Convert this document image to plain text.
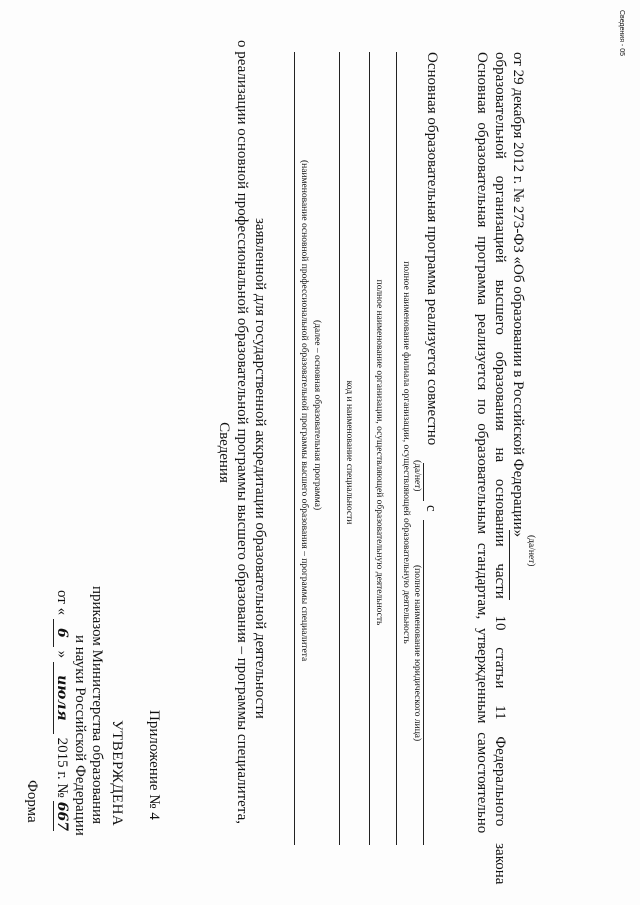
Приложение № 4
УТВЕРЖДЕНА
приказом Министерства образования
и науки Российской Федерации
от « 6 » июля 2015 г. № 667
Форма
Сведения о реализации основной профессиональной образовательной программы высшего образования – программы специалитета, заявленной для государственной аккредитации образовательной деятельности	(наименование основной профессиональной образовательной программы высшего образования – программы специалитета (далее – основная образовательная программа) код и наименование специальности полное наименование организации, осуществляющей образовательную деятельность полное наименование филиала организации, осуществляющей образовательную деятельность
Основная образовательная программа реализуется совместно
с
(да/нет)
(полное наименование юридического лица)	Основная образовательная программа реализуется по образовательным стандартам, утвержденным самостоятельно образовательной организацией высшего образования на основании части 10 статьи 11 Федерального закона от 29 декабря 2012 г. № 273-ФЗ «Об образовании в Российской Федерации»
(да/нет)
Сведения - 05
